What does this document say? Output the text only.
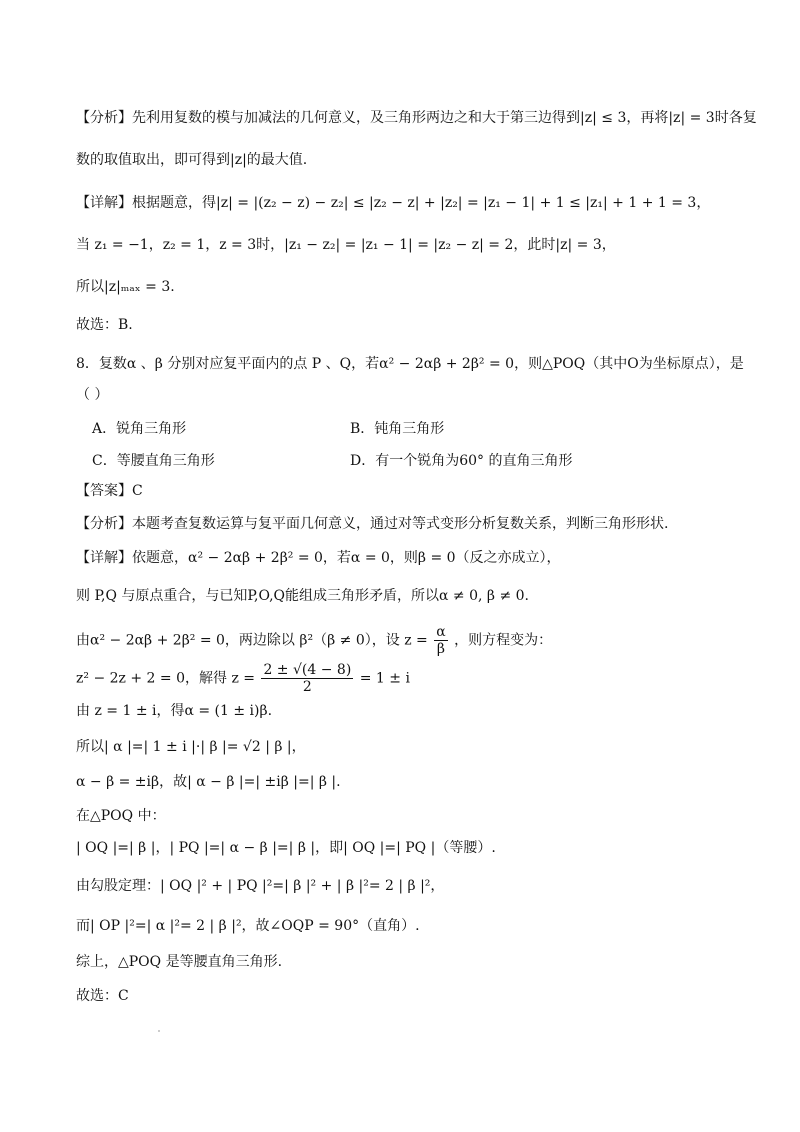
【分析】先利用复数的模与加减法的几何意义，及三角形两边之和大于第三边得到|z| ≤ 3，再将|z| = 3时各复
数的取值取出，即可得到|z|的最大值.
【详解】根据题意，得|z| = |(z₂ − z) − z₂| ≤ |z₂ − z| + |z₂| = |z₁ − 1| + 1 ≤ |z₁| + 1 + 1 = 3，
当 z₁ = −1，z₂ = 1，z = 3时，|z₁ − z₂| = |z₁ − 1| = |z₂ − z| = 2，此时|z| = 3，
所以|z|ₘₐₓ = 3.
故选：B.
8．复数α 、β 分别对应复平面内的点 P 、Q，若α² − 2αβ + 2β² = 0，则△POQ（其中O为坐标原点），是
（ ）
A．锐角三角形	B．钝角三角形
C．等腰直角三角形	D．有一个锐角为60° 的直角三角形
【答案】C
【分析】本题考查复数运算与复平面几何意义，通过对等式变形分析复数关系，判断三角形形状.
【详解】依题意，α² − 2αβ + 2β² = 0，若α = 0，则β = 0（反之亦成立），
则 P,Q 与原点重合，与已知P,O,Q能组成三角形矛盾，所以α ≠ 0, β ≠ 0.
由α² − 2αβ + 2β² = 0，两边除以 β²（β ≠ 0），设 $z = \frac{\alpha}{\beta}$ ，则方程变为：
z² − 2z + 2 = 0，解得 $z = \frac{2 \pm √(4 - 8)}{2} = 1 \pm i$
由 z = 1 ± i，得α = (1 ± i)β.
所以| α |=| 1 ± i |·| β |= √2 | β |，
α − β = ±iβ，故| α − β |=| ±iβ |=| β |.
在△POQ 中：
| OQ |=| β |，| PQ |=| α − β |=| β |，即| OQ |=| PQ |（等腰）.
由勾股定理：| OQ |² + | PQ |²=| β |² + | β |²= 2 | β |²，
而| OP |²=| α |²= 2 | β |²，故∠OQP = 90°（直角）.
综上，△POQ 是等腰直角三角形.
故选：C
